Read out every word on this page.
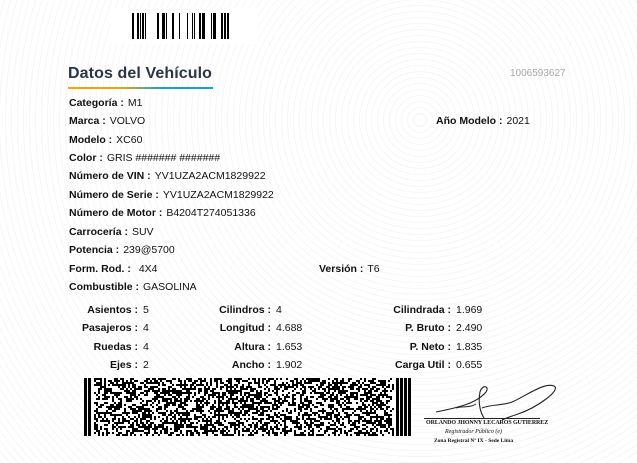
Datos del Vehículo	1006593627
Categoría : M1
Marca : VOLVO
Modelo : XC60
Color : GRIS ####### #######
Número de VIN : YV1UZA2ACM1829922
Número de Serie : YV1UZA2ACM1829922
Número de Motor : B4204T274051336
Carrocería : SUV
Potencia : 239@5700
Form. Rod. : 4X4
Combustible : GASOLINA
Año Modelo : 2021
Versión : T6
Asientos : 5
Pasajeros : 4
Ruedas : 4
Ejes : 2
Cilindros : 4
Longitud : 4.688
Altura : 1.653
Ancho : 1.902
Cilindrada : 1.969
P. Bruto : 2.490
P. Neto : 1.835
Carga Util : 0.655
ORLANDO JHONNY LECAROS GUTIERREZ
Registrador Público (e)
Zona Registral Nº IX - Sede Lima
